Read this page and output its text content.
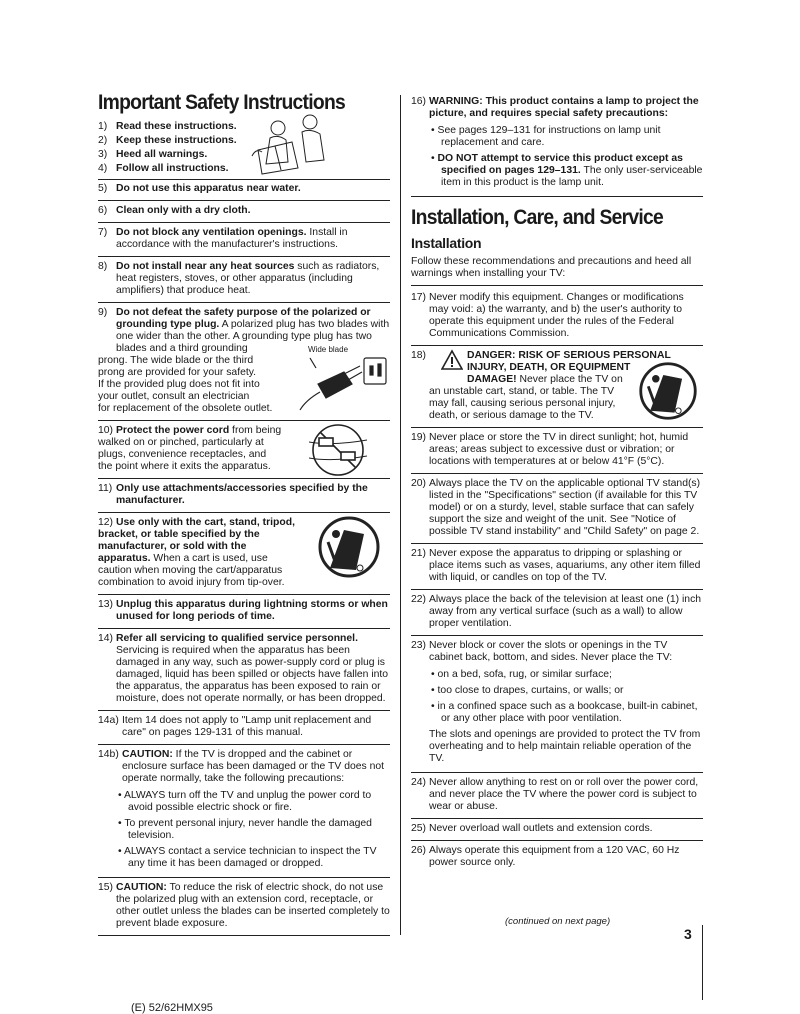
Important Safety Instructions
1) Read these instructions.
2) Keep these instructions.
3) Heed all warnings.
4) Follow all instructions.
5) Do not use this apparatus near water.
6) Clean only with a dry cloth.
7) Do not block any ventilation openings. Install in accordance with the manufacturer's instructions.
8) Do not install near any heat sources such as radiators, heat registers, stoves, or other apparatus (including amplifiers) that produce heat.
9) Do not defeat the safety purpose of the polarized or grounding type plug. A polarized plug has two blades with one wider than the other. A grounding type plug has two blades and a third grounding
prong. The wide blade or the third
prong are provided for your safety.
If the provided plug does not fit into
your outlet, consult an electrician
for replacement of the obsolete outlet.
Wide blade
10) Protect the power cord from being
walked on or pinched, particularly at
plugs, convenience receptacles, and
the point where it exits the apparatus.
11) Only use attachments/accessories specified by the manufacturer.
12) Use only with the cart, stand, tripod,
bracket, or table specified by the
manufacturer, or sold with the
apparatus. When a cart is used, use
caution when moving the cart/apparatus
combination to avoid injury from tip-over.
13) Unplug this apparatus during lightning storms or when unused for long periods of time.
14) Refer all servicing to qualified service personnel. Servicing is required when the apparatus has been damaged in any way, such as power-supply cord or plug is damaged, liquid has been spilled or objects have fallen into the apparatus, the apparatus has been exposed to rain or moisture, does not operate normally, or has been dropped.
14a) Item 14 does not apply to "Lamp unit replacement and care" on pages 129-131 of this manual.
14b) CAUTION: If the TV is dropped and the cabinet or enclosure surface has been damaged or the TV does not operate normally, take the following precautions:
• ALWAYS turn off the TV and unplug the power cord to avoid possible electric shock or fire.
• To prevent personal injury, never handle the damaged television.
• ALWAYS contact a service technician to inspect the TV any time it has been damaged or dropped.
15) CAUTION: To reduce the risk of electric shock, do not use the polarized plug with an extension cord, receptacle, or other outlet unless the blades can be inserted completely to prevent blade exposure.
16) WARNING: This product contains a lamp to project the picture, and requires special safety precautions:
• See pages 129–131 for instructions on lamp unit replacement and care.
• DO NOT attempt to service this product except as specified on pages 129–131. The only user-serviceable item in this product is the lamp unit.
Installation, Care, and Service
Installation
Follow these recommendations and precautions and heed all warnings when installing your TV:
17) Never modify this equipment. Changes or modifications may void: a) the warranty, and b) the user's authority to operate this equipment under the rules of the Federal Communications Commission.
18)	DANGER: RISK OF SERIOUS PERSONAL

INJURY, DEATH, OR EQUIPMENT
DAMAGE! Never place the TV on
an unstable cart, stand, or table. The TV
may fall, causing serious personal injury,
death, or serious damage to the TV.
19) Never place or store the TV in direct sunlight; hot, humid areas; areas subject to excessive dust or vibration; or locations with temperatures at or below 41°F (5°C).
20) Always place the TV on the applicable optional TV stand(s) listed in the "Specifications" section (if available for this TV model) or on a sturdy, level, stable surface that can safely support the size and weight of the unit. See "Notice of possible TV stand instability" and "Child Safety" on page 2.
21) Never expose the apparatus to dripping or splashing or place items such as vases, aquariums, any other item filled with liquid, or candles on top of the TV.
22) Always place the back of the television at least one (1) inch away from any vertical surface (such as a wall) to allow proper ventilation.
23) Never block or cover the slots or openings in the TV cabinet back, bottom, and sides. Never place the TV:
• on a bed, sofa, rug, or similar surface;
• too close to drapes, curtains, or walls; or
• in a confined space such as a bookcase, built-in cabinet, or any other place with poor ventilation.
The slots and openings are provided to protect the TV from overheating and to help maintain reliable operation of the TV.
24) Never allow anything to rest on or roll over the power cord, and never place the TV where the power cord is subject to wear or abuse.
25) Never overload wall outlets and extension cords.
26) Always operate this equipment from a 120 VAC, 60 Hz power source only.
(continued on next page)
3
(E) 52/62HMX95
